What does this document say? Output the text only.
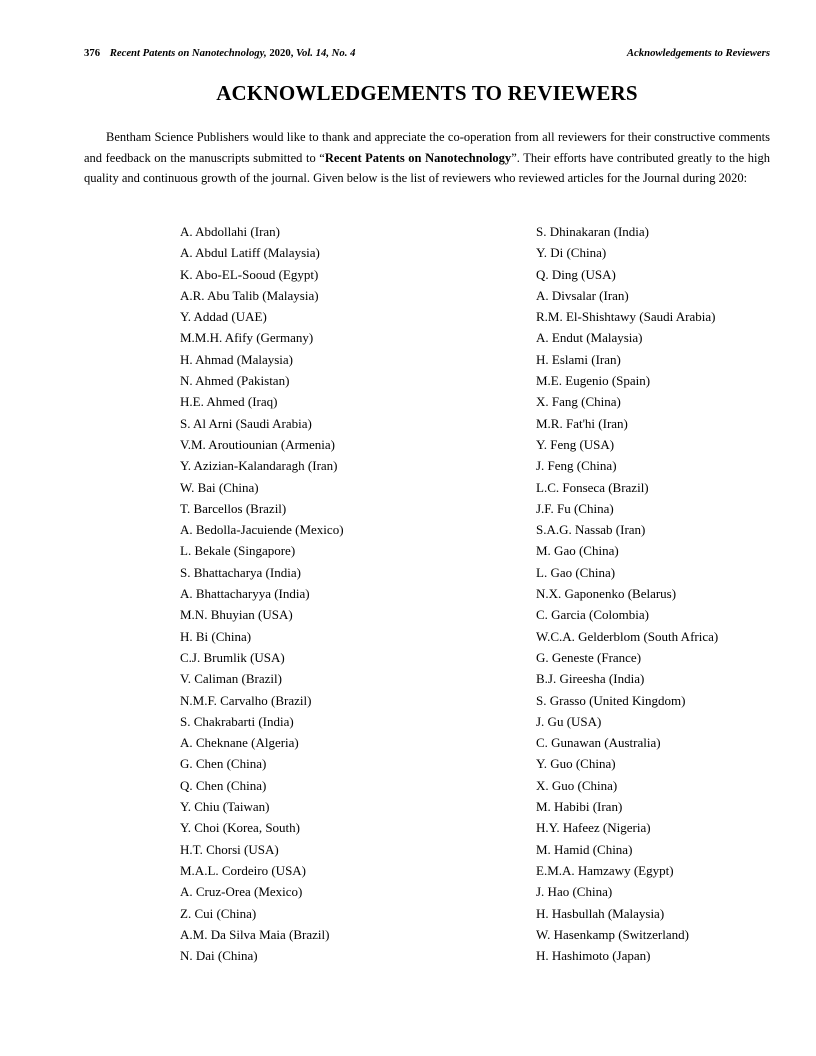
376 Recent Patents on Nanotechnology, 2020, Vol. 14, No. 4	Acknowledgements to Reviewers
ACKNOWLEDGEMENTS TO REVIEWERS

Bentham Science Publishers would like to thank and appreciate the co-operation from all reviewers for their constructive comments and feedback on the manuscripts submitted to “Recent Patents on Nanotechnology”. Their efforts have contributed greatly to the high quality and continuous growth of the journal. Given below is the list of reviewers who reviewed articles for the Journal during 2020:

A. Abdollahi (Iran)
A. Abdul Latiff (Malaysia)
K. Abo-EL-Sooud (Egypt)
A.R. Abu Talib (Malaysia)
Y. Addad (UAE)
M.M.H. Afify (Germany)
H. Ahmad (Malaysia)
N. Ahmed (Pakistan)
H.E. Ahmed (Iraq)
S. Al Arni (Saudi Arabia)
V.M. Aroutiounian (Armenia)
Y. Azizian-Kalandaragh (Iran)
W. Bai (China)
T. Barcellos (Brazil)
A. Bedolla-Jacuiende (Mexico)
L. Bekale (Singapore)
S. Bhattacharya (India)
A. Bhattacharyya (India)
M.N. Bhuyian (USA)
H. Bi (China)
C.J. Brumlik (USA)
V. Caliman (Brazil)
N.M.F. Carvalho (Brazil)
S. Chakrabarti (India)
A. Cheknane (Algeria)
G. Chen (China)
Q. Chen (China)
Y. Chiu (Taiwan)
Y. Choi (Korea, South)
H.T. Chorsi (USA)
M.A.L. Cordeiro (USA)
A. Cruz-Orea (Mexico)
Z. Cui (China)
A.M. Da Silva Maia (Brazil)
N. Dai (China)
S. Dhinakaran (India)
Y. Di (China)
Q. Ding (USA)
A. Divsalar (Iran)
R.M. El-Shishtawy (Saudi Arabia)
A. Endut (Malaysia)
H. Eslami (Iran)
M.E. Eugenio (Spain)
X. Fang (China)
M.R. Fat'hi (Iran)
Y. Feng (USA)
J. Feng (China)
L.C. Fonseca (Brazil)
J.F. Fu (China)
S.A.G. Nassab (Iran)
M. Gao (China)
L. Gao (China)
N.X. Gaponenko (Belarus)
C. Garcia (Colombia)
W.C.A. Gelderblom (South Africa)
G. Geneste (France)
B.J. Gireesha (India)
S. Grasso (United Kingdom)
J. Gu (USA)
C. Gunawan (Australia)
Y. Guo (China)
X. Guo (China)
M. Habibi (Iran)
H.Y. Hafeez (Nigeria)
M. Hamid (China)
E.M.A. Hamzawy (Egypt)
J. Hao (China)
H. Hasbullah (Malaysia)
W. Hasenkamp (Switzerland)
H. Hashimoto (Japan)
